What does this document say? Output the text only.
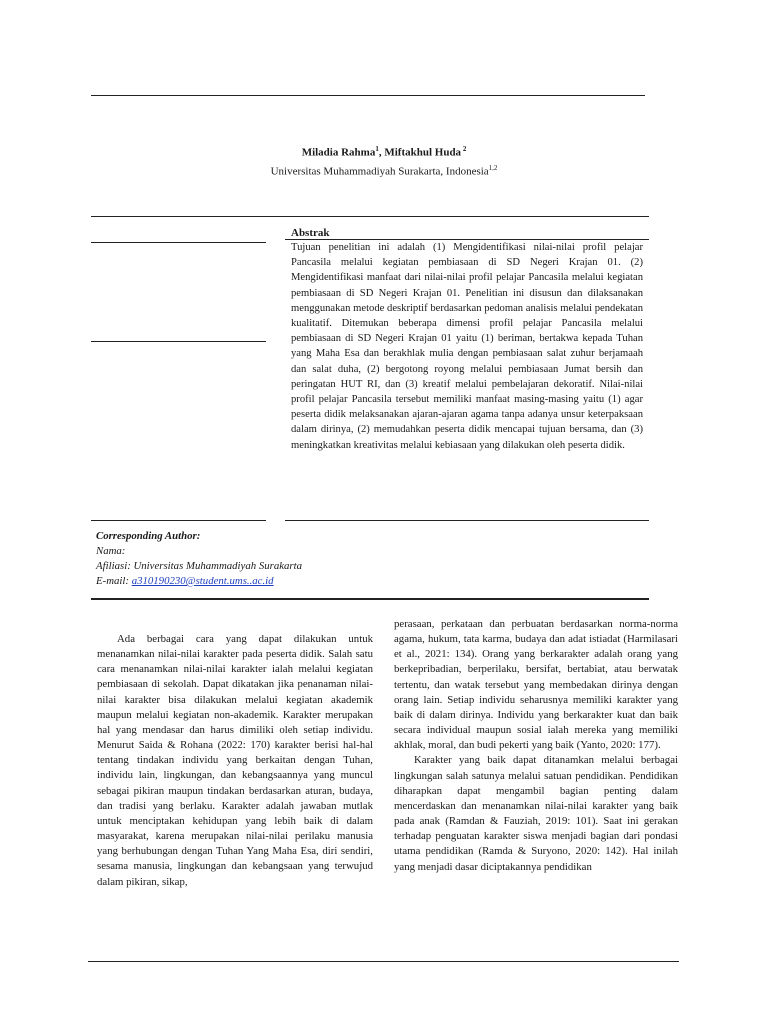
Miladia Rahma$^1$, Miftakhul Huda $^2$
Universitas Muhammadiyah Surakarta, Indonesia$^{1,2}$
Abstrak
Tujuan penelitian ini adalah (1) Mengidentifikasi nilai-nilai profil pelajar Pancasila melalui kegiatan pembiasaan di SD Negeri Krajan 01. (2) Mengidentifikasi manfaat dari nilai-nilai profil pelajar Pancasila melalui kegiatan pembiasaan di SD Negeri Krajan 01. Penelitian ini disusun dan dilaksanakan menggunakan metode deskriptif berdasarkan pedoman analisis melalui pendekatan kualitatif. Ditemukan beberapa dimensi profil pelajar Pancasila melalui pembiasaan di SD Negeri Krajan 01 yaitu (1) beriman, bertakwa kepada Tuhan yang Maha Esa dan berakhlak mulia dengan pembiasaan salat zuhur berjamaah dan salat duha, (2) bergotong royong melalui pembiasaan Jumat bersih dan peringatan HUT RI, dan (3) kreatif melalui pembelajaran dekoratif. Nilai-nilai profil pelajar Pancasila tersebut memiliki manfaat masing-masing yaitu (1) agar peserta didik melaksanakan ajaran-ajaran agama tanpa adanya unsur keterpaksaan dalam dirinya, (2) memudahkan peserta didik mencapai tujuan bersama, dan (3) meningkatkan kreativitas melalui kebiasaan yang dilakukan oleh peserta didik.
Corresponding Author:
Nama:
Afiliasi: Universitas Muhammadiyah Surakarta
E-mail: a310190230@student.ums..ac.id

Ada berbagai cara yang dapat dilakukan untuk menanamkan nilai-nilai karakter pada peserta didik. Salah satu cara menanamkan nilai-nilai karakter ialah melalui kegiatan pembiasaan di sekolah. Dapat dikatakan jika penanaman nilai-nilai karakter bisa dilakukan melalui kegiatan akademik maupun melalui kegiatan non-akademik. Karakter merupakan hal yang mendasar dan harus dimiliki oleh setiap individu. Menurut Saida & Rohana (2022: 170) karakter berisi hal-hal tentang tindakan individu yang berkaitan dengan Tuhan, individu lain, lingkungan, dan kebangsaannya yang muncul sebagai pikiran maupun tindakan berdasarkan aturan, budaya, dan tradisi yang berlaku. Karakter adalah jawaban mutlak untuk menciptakan kehidupan yang lebih baik di dalam masyarakat, karena merupakan nilai-nilai perilaku manusia yang berhubungan dengan Tuhan Yang Maha Esa, diri sendiri, sesama manusia, lingkungan dan kebangsaan yang terwujud dalam pikiran, sikap,

perasaan, perkataan dan perbuatan berdasarkan norma-norma agama, hukum, tata karma, budaya dan adat istiadat (Harmilasari et al., 2021: 134). Orang yang berkarakter adalah orang yang berkepribadian, berperilaku, bersifat, bertabiat, atau berwatak tertentu, dan watak tersebut yang membedakan dirinya dengan orang lain. Setiap individu seharusnya memiliki karakter yang baik di dalam dirinya. Individu yang berkarakter kuat dan baik secara individual maupun sosial ialah mereka yang memiliki akhlak, moral, dan budi pekerti yang baik (Yanto, 2020: 177).

Karakter yang baik dapat ditanamkan melalui berbagai lingkungan salah satunya melalui satuan pendidikan. Pendidikan diharapkan dapat mengambil bagian penting dalam mencerdaskan dan menanamkan nilai-nilai karakter yang baik pada anak (Ramdan & Fauziah, 2019: 101). Saat ini gerakan terhadap penguatan karakter siswa menjadi bagian dari pondasi utama pendidikan (Ramda & Suryono, 2020: 142). Hal inilah yang menjadi dasar diciptakannya pendidikan
